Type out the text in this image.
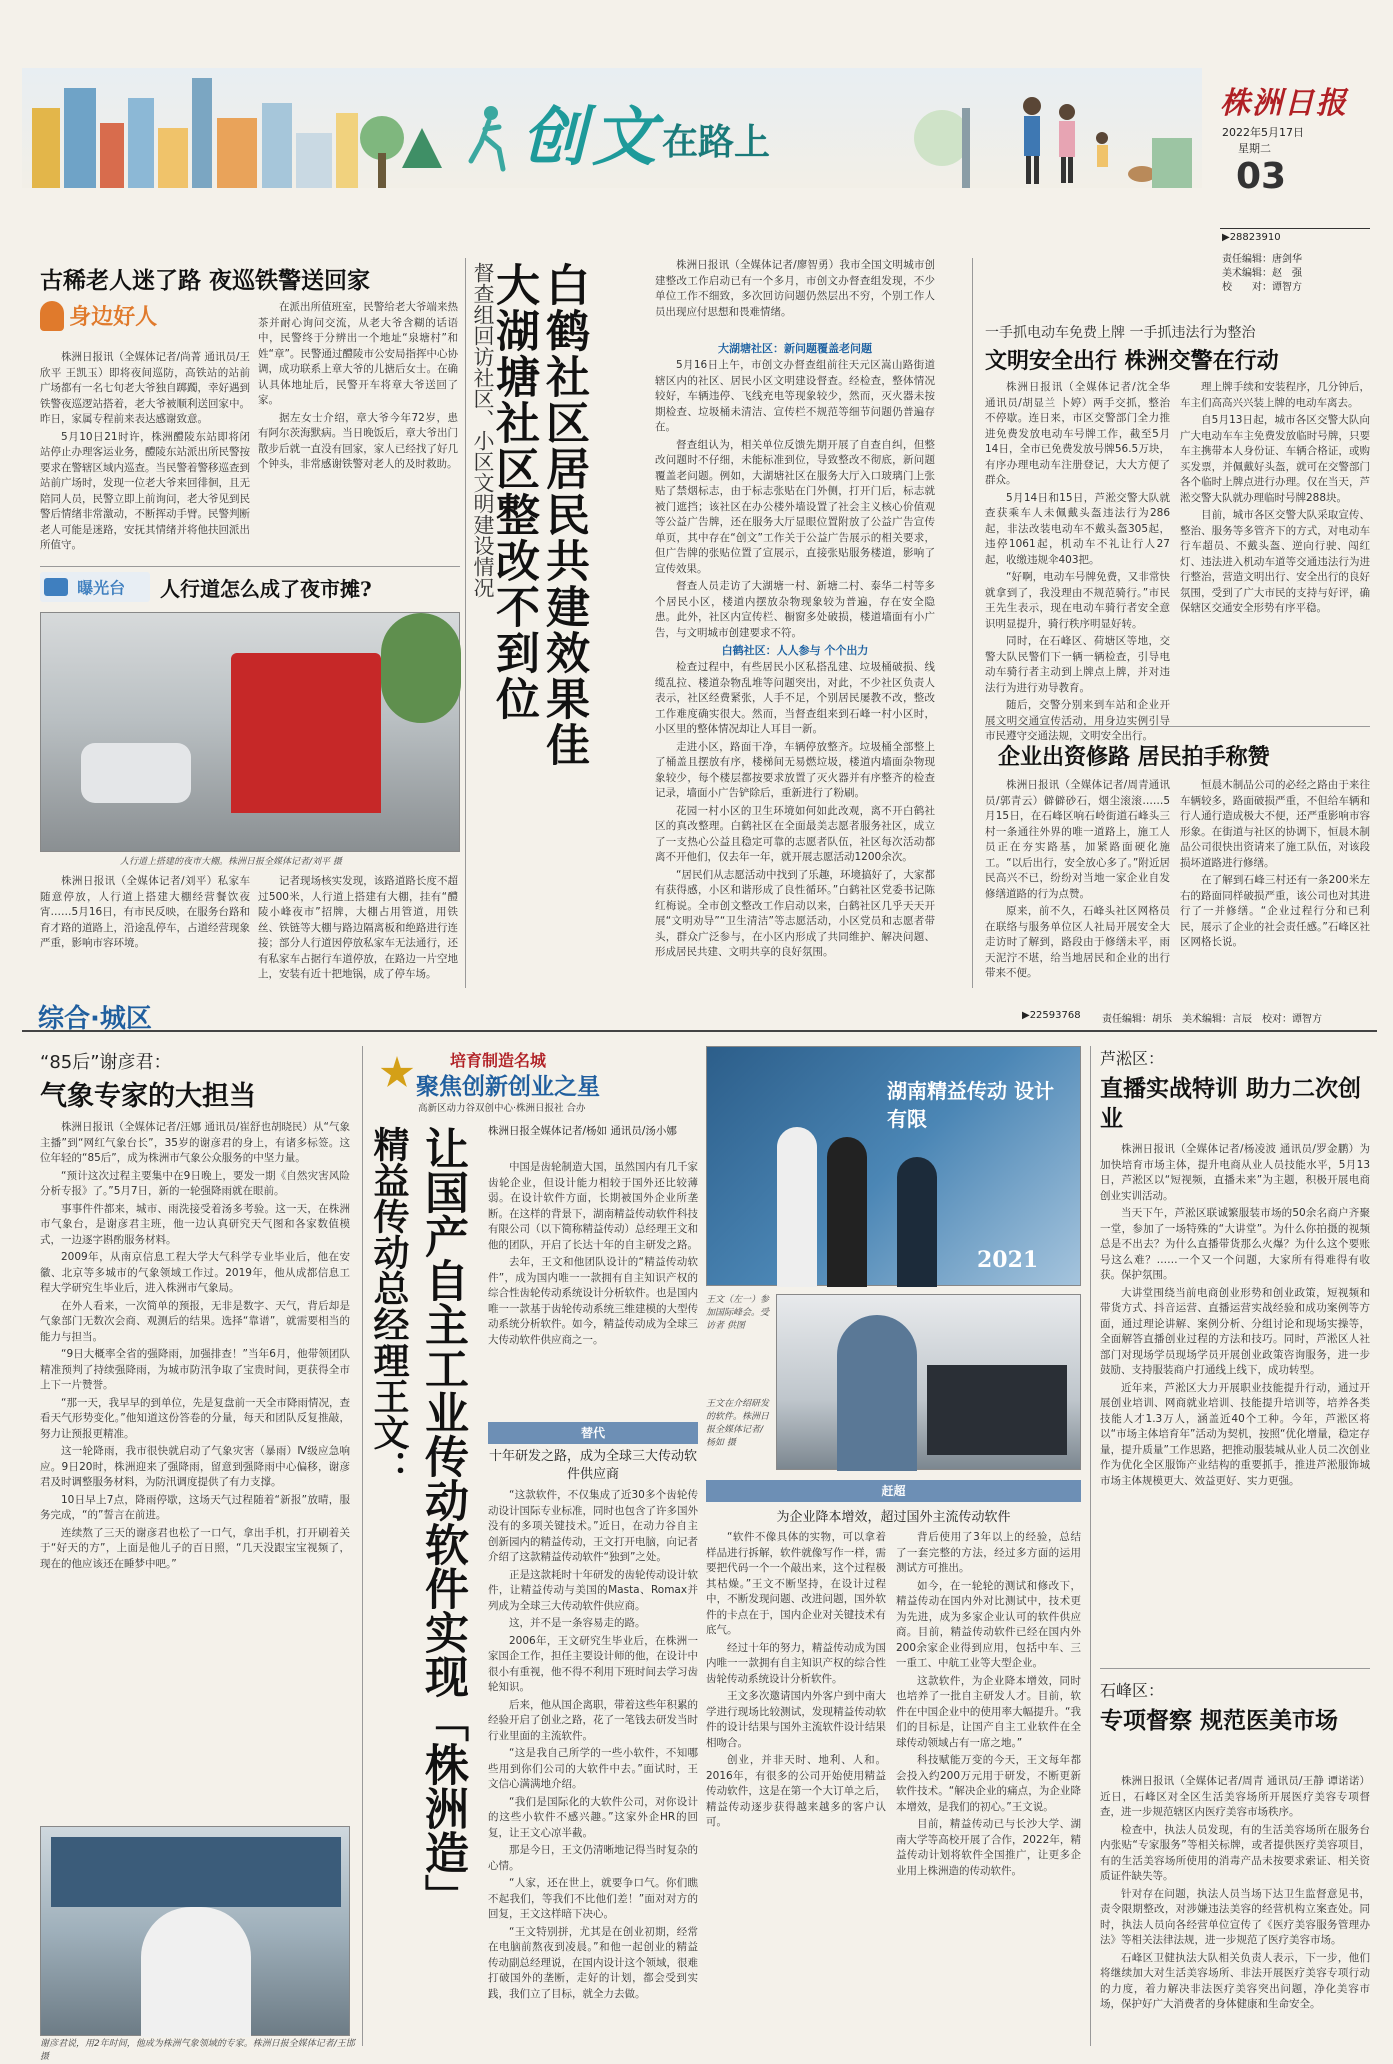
创文 在路上
株洲日报
2022年5月17日
星期二
03
▶28823910
责任编辑：唐剑华
美术编辑：赵　强
校　　对：谭智方
古稀老人迷了路 夜巡铁警送回家
身边好人

株洲日报讯（全媒体记者/尚菁 通讯员/王欣平 王凯玉）即将夜间巡防，高铁站的站前广场都有一名七旬老大爷独自踯躅，幸好遇到铁警夜巡逻站搭着，老大爷被顺利送回家中。昨日，家属专程前来表达感谢致意。

5月10日21时许，株洲醴陵东站即将闭站停止办理客运业务，醴陵东站派出所民警按要求在警辖区域内巡查。当民警着警移巡查到站前广场时，发现一位老大爷来回徘徊，且无陪同人员，民警立即上前询问，老大爷见到民警后情绪非常激动，不断挥动手臂。民警判断老人可能是迷路，安抚其情绪并将他扶回派出所值守。

在派出所值班室，民警给老大爷端来热茶并耐心询问交流，从老大爷含糊的话语中，民警终于分辨出一个地址“泉塘村”和姓“章”。民警通过醴陵市公安局指挥中心协调，成功联系上章大爷的儿搪后女士。在确认具体地址后，民警开车将章大爷送回了家。

据左女士介绍，章大爷今年72岁，患有阿尔茨海默病。当日晚饭后，章大爷出门散步后就一直没有回家，家人已经找了好几个钟头，非常感谢铁警对老人的及时救助。

曝光台	人行道怎么成了夜市摊?
人行道上搭建的夜市大棚。株洲日报全媒体记者/刘平 摄

株洲日报讯（全媒体记者/刘平）私家车随意停放，人行道上搭建大棚经营餐饮夜宵……5月16日，有市民反映，在服务台路和育才路的道路上，沿途乱停车，占道经营现象严重，影响市容环境。

记者现场核实发现，该路道路长度不超过500米，人行道上搭建有大棚，挂有“醴陵小峰夜市”招牌，大棚占用管道，用铁丝、铁链等大棚与路边隔离板和绝路进行连接；部分人行道因停放私家车无法通行，还有私家车占据行车道停放，在路边一片空地上，安装有近十把地锅，成了停车场。

白鹤社区居民共建效果佳
大湖塘社区整改不到位
督查组回访社区、小区文明建设情况	株洲日报讯（全媒体记者/廖智勇）我市全国文明城市创建整改工作启动已有一个多月，市创文办督查组发现，不少单位工作不细致，多次回访问题仍然层出不穷，个别工作人员出现应付思想和畏难情绪。
大湖塘社区：新问题覆盖老问题

5月16日上午，市创文办督查组前往天元区嵩山路街道辖区内的社区、居民小区文明建设督查。经检查，整体情况较好，车辆违停、飞线充电等现象较少，然而，灭火器未按期检查、垃圾桶未清洁、宣传栏不规范等细节问题仍普遍存在。

督查组认为，相关单位反馈先期开展了自查自纠，但整改问题时不仔细，未能标准到位，导致整改不彻底，新问题覆盖老问题。例如，大湖塘社区在服务大厅入口玻璃门上张贴了禁烟标志，由于标志张贴在门外侧，打开门后，标志就被门遮挡；该社区在办公楼外墙设置了社会主义核心价值观等公益广告牌，还在服务大厅显眼位置附放了公益广告宣传单页，其中存在“创文”工作关于公益广告展示的相关要求，但广告牌的张贴位置了宣展示，直接张贴服务楼道，影响了宣传效果。

督查人员走访了大湖塘一村、新塘二村、泰华二村等多个居民小区，楼道内摆放杂物现象较为普遍，存在安全隐患。此外，社区内宣传栏、橱窗多处破损，楼道墙面有小广告，与文明城市创建要求不符。

白鹤社区：人人参与 个个出力

检查过程中，有些居民小区私搭乱建、垃圾桶破损、线缆乱拉、楼道杂物乱堆等问题突出，对此，不少社区负责人表示，社区经费紧张，人手不足，个别居民屡教不改，整改工作难度确实很大。然而，当督查组来到石峰一村小区时，小区里的整体情况却让人耳目一新。

走进小区，路面干净，车辆停放整齐。垃圾桶全部整上了桶盖且摆放有序，楼梯间无易燃垃圾，楼道内墙面杂物现象较少，每个楼层都按要求放置了灭火器并有序整齐的检查记录，墙面小广告铲除后，重新进行了粉刷。

花园一村小区的卫生环境如何如此改观，离不开白鹤社区的真改整理。白鹤社区在全面最美志愿者服务社区，成立了一支热心公益且稳定可靠的志愿者队伍，社区每次活动都离不开他们，仅去年一年，就开展志愿活动1200余次。

“居民们从志愿活动中找到了乐趣，环境搞好了，大家都有获得感，小区和谐形成了良性循环。”白鹤社区党委书记陈红梅说。全市创文整改工作启动以来，白鹤社区几乎天天开展“文明劝导”“卫生清洁”等志愿活动，小区党员和志愿者带头，群众广泛参与，在小区内形成了共同维护、解决问题、形成居民共建、文明共享的良好氛围。

一手抓电动车免费上牌 一手抓违法行为整治
文明安全出行 株洲交警在行动

株洲日报讯（全媒体记者/沈全华 通讯员/胡显兰 卜婷）两手交抓，整治不停歇。连日来，市区交警部门全力推进免费发放电动车号牌工作，截至5月14日，全市已免费发放号牌56.5万块，有序办理电动车注册登记，大大方便了群众。

5月14日和15日，芦淞交警大队就查获乘车人未佩戴头盔违法行为286起，非法改装电动车不戴头盔305起，违停1061起，机动车不礼让行人27起，收缴违规伞403把。

“好啊，电动车号牌免费，又非常快就拿到了，我没理由不规范骑行。”市民王先生表示，现在电动车骑行者安全意识明显提升，骑行秩序明显好转。

同时，在石峰区、荷塘区等地，交警大队民警们下一辆一辆检查，引导电动车骑行者主动到上牌点上牌，并对违法行为进行劝导教育。

随后，交警分别来到车站和企业开展文明交通宣传活动，用身边实例引导市民遵守交通法规，文明安全出行。

理上牌手续和安装程序，几分钟后，车主们高高兴兴装上牌的电动车离去。

自5月13日起，城市各区交警大队向广大电动车车主免费发放临时号牌，只要车主携带本人身份证、车辆合格证，或购买发票，并佩戴好头盔，就可在交警部门各个临时上牌点进行办理。仅在当天，芦淞交警大队就办理临时号牌288块。

目前，城市各区交警大队采取宣传、整治、服务等多管齐下的方式，对电动车行车超员、不戴头盔、逆向行驶、闯红灯、违法进入机动车道等交通违法行为进行整治，营造文明出行、安全出行的良好氛围，受到了广大市民的支持与好评，确保辖区交通安全形势有序平稳。

企业出资修路 居民拍手称赞

株洲日报讯（全媒体记者/周青通讯员/郭青云）僻僻砂石，烟尘滚滚……5月15日，在石峰区响石岭街道石峰头三村一条通往外界的唯一道路上，施工人员正在夯实路基，加紧路面硬化施工。“以后出行，安全放心多了。”附近居民高兴不已，纷纷对当地一家企业自发修缮道路的行为点赞。

原来，前不久，石峰头社区网格员在联络与服务单位区人社局开展安全大走访时了解到，路段由于修缮未平，雨天泥泞不堪，给当地居民和企业的出行带来不便。

恒晨木制品公司的必经之路由于来往车辆较多，路面破损严重，不但给车辆和行人通行造成极大不便，还严重影响市容形象。在街道与社区的协调下，恒晨木制品公司很快出资请来了施工队伍，对该段损坏道路进行修缮。

在了解到石峰三村还有一条200米左右的路面同样破损严重，该公司也对其进行了一并修缮。“企业过程行分和已利民，展示了企业的社会责任感。”石峰区社区网格长说。

综合·城区	▶22593768 责任编辑：胡乐　美术编辑：言辰　校对：谭智方
“85后”谢彦君：
气象专家的大担当

株洲日报讯（全媒体记者/汪娜 通讯员/崔舒也胡晓民）从“气象主播”到“网红气象台长”，35岁的谢彦君的身上，有诸多标签。这位年轻的“85后”，成为株洲市气象公众服务的中坚力量。

“预计这次过程主要集中在9日晚上，要发一期《自然灾害风险分析专报》了。”5月7日，新的一轮强降雨就在眼前。

事事件件都来，城市、雨洗接受着汤多考验。这一天，在株洲市气象台，是谢彦君主班，他一边认真研究天气图和各家数值模式，一边逐字斟酌服务材料。

2009年，从南京信息工程大学大气科学专业毕业后，他在安徽、北京等多城市的气象领域工作过。2019年，他从成都信息工程大学研究生毕业后，进入株洲市气象局。

在外人看来，一次简单的预报，无非是数字、天气，背后却是气象部门无数次会商、观测后的结果。选择“靠谱”，就需要相当的能力与担当。

“9日大概率全省的强降雨，加强排查！”当年6月，他带领团队精准预判了持续强降雨，为城市防汛争取了宝贵时间，更获得全市上下一片赞誉。

“那一天，我早早的到单位，先是复盘前一天全市降雨情况，查看天气形势变化。”他知道这份答卷的分量，每天和团队反复推敲，努力让预报更精准。

这一轮降雨，我市很快就启动了气象灾害（暴雨）Ⅳ级应急响应。9日20时，株洲迎来了强降雨，留意到强降雨中心偏移，谢彦君及时调整服务材料，为防汛调度提供了有力支撑。

10日早上7点，降雨停歇，这场天气过程随着“新报”放晴，服务完成，“的”誓言在前进。

连续熬了三天的谢彦君也松了一口气，拿出手机，打开刷着关于“好天的方”，上面是他儿子的百日照，“几天没跟宝宝视频了，现在的他应该还在睡梦中吧。”

谢彦君说，用2年时间，他成为株洲气象领域的专家。株洲日报全媒体记者/王邯 摄
培育制造名城
聚焦创新创业之星
高新区动力谷双创中心·株洲日报社 合办
让国产自主工业传动软件实现「株洲造」
精益传动总经理王文：	株洲日报全媒体记者/杨如 通讯员/汤小娜

中国是齿轮制造大国，虽然国内有几千家齿轮企业，但设计能力相较于国外还比较薄弱。在设计软件方面，长期被国外企业所垄断。在这样的背景下，湖南精益传动软件科技有限公司（以下简称精益传动）总经理王文和他的团队，开启了长达十年的自主研发之路。

去年，王文和他团队设计的“精益传动软件”，成为国内唯一一款拥有自主知识产权的综合性齿轮传动系统设计分析软件。也是国内唯一一款基于齿轮传动系统三维建模的大型传动系统分析软件。如今，精益传动成为全球三大传动软件供应商之一。

替代
十年研发之路，成为全球三大传动软件供应商

“这款软件，不仅集成了近30多个齿轮传动设计国际专业标准，同时也包含了许多国外没有的多项关键技术。”近日，在动力谷自主创新园内的精益传动，王文打开电脑，向记者介绍了这款精益传动软件“独到”之处。

正是这款耗时十年研发的齿轮传动设计软件，让精益传动与美国的Masta、Romax并列成为全球三大传动软件供应商。

这，并不是一条容易走的路。

2006年，王文研究生毕业后，在株洲一家国企工作，担任主要设计师的他，在设计中很小有重视，他不得不利用下班时间去学习齿轮知识。

后来，他从国企离职，带着这些年积累的经验开启了创业之路，花了一笔钱去研发当时行业里面的主流软件。

“这是我自己所学的一些小软件，不知哪些用到你们公司的大软件中去。”面试时，王文信心满满地介绍。

“我们是国际化的大软件公司，对你设计的这些小软件不感兴趣。”这家外企HR的回复，让王文心凉半截。

那是今日，王文仍清晰地记得当时复杂的心情。

“人家，还在世上，就要争口气。你们瞧不起我们，等我们不比他们差！”面对对方的回复，王文这样暗下决心。

“王文特别拼，尤其是在创业初期，经常在电脑前熬夜到凌晨。”和他一起创业的精益传动副总经理说，在国内设计这个领域，很难打破国外的垄断，走好的计划，都会受到实践，我们立了目标，就全力去做。

湖南精益传动 设计有限
2021
王文（左一）参加国际峰会。受访者 供图
王文在介绍研发的软件。株洲日报全媒体记者/杨如 摄
赶超
为企业降本增效，超过国外主流传动软件

“软件不像具体的实物，可以拿着样品进行拆解，软件就像写作一样，需要把代码一个一个敲出来，这个过程极其枯燥。”王文不断坚持，在设计过程中，不断发现问题、改进问题，国外软件的卡点在于，国内企业对关键技术有底气。

经过十年的努力，精益传动成为国内唯一一款拥有自主知识产权的综合性齿轮传动系统设计分析软件。

王文多次邀请国内外客户到中南大学进行现场比较测试，发现精益传动软件的设计结果与国外主流软件设计结果相吻合。

创业，并非天时、地利、人和。2016年，有很多的公司开始使用精益传动软件，这是在第一个大订单之后，精益传动逐步获得越来越多的客户认可。

背后使用了3年以上的经验，总结了一套完整的方法，经过多方面的运用测试方可推出。

如今，在一轮轮的测试和修改下，精益传动在国内外对比测试中，技术更为先进，成为多家企业认可的软件供应商。目前，精益传动软件已经在国内外200余家企业得到应用，包括中车、三一重工、中航工业等大型企业。

这款软件，为企业降本增效，同时也培养了一批自主研发人才。目前，软件在中国企业中的使用率大幅提升。“我们的目标是，让国产自主工业软件在全球传动领域占有一席之地。”

科技赋能万变的今天，王文每年都会投入约200万元用于研发，不断更新软件技术。“解决企业的痛点，为企业降本增效，是我们的初心。”王文说。

目前，精益传动已与长沙大学、湖南大学等高校开展了合作，2022年，精益传动计划将软件全国推广，让更多企业用上株洲造的传动软件。

芦淞区：
直播实战特训 助力二次创业

株洲日报讯（全媒体记者/杨凌波 通讯员/罗金鹏）为加快培育市场主体，提升电商从业人员技能水平，5月13日，芦淞区以“短视频，直播未来”为主题，积极开展电商创业实训活动。

当天下午，芦淞区联诚繁服装市场的50余名商户齐聚一堂，参加了一场特殊的“大讲堂”。为什么你拍摄的视频总是不出去？为什么直播带货那么火爆？为什么这个要账号这么难？……一个又一个问题，大家所有得难得有收获。保护氛围。

大讲堂围绕当前电商创业形势和创业政策，短视频和带货方式、抖音运营、直播运营实战经验和成功案例等方面，通过理论讲解、案例分析、分组讨论和现场实操等，全面解答直播创业过程的方法和技巧。同时，芦淞区人社部门对现场学员现场学员开展创业政策咨询服务，进一步鼓励、支持服装商户打通线上线下，成功转型。

近年来，芦淞区大力开展职业技能提升行动，通过开展创业培训、网商就业培训、技能提升培训等，培养各类技能人才1.3万人，涵盖近40个工种。今年，芦淞区将以“市场主体培育年”活动为契机，按照“优化增量，稳定存量，提升质量”工作思路，把推动服装城从业人员二次创业作为优化全区服饰产业结构的重要抓手，推进芦淞服饰城市场主体规模更大、效益更好、实力更强。

石峰区：
专项督察 规范医美市场

株洲日报讯（全媒体记者/周青 通讯员/王静 谭诺诺）近日，石峰区对全区生活美容场所开展医疗美容专项督查，进一步规范辖区内医疗美容市场秩序。

检查中，执法人员发现，有的生活美容场所在服务台内张贴“专家服务”等相关标牌，或者提供医疗美容项目，有的生活美容场所使用的消毒产品未按要求索证、相关资质证件缺失等。

针对存在问题，执法人员当场下达卫生监督意见书，责令限期整改，对涉嫌违法美容的经营机构立案查处。同时，执法人员向各经营单位宣传了《医疗美容服务管理办法》等相关法律法规，进一步规范了医疗美容市场。

石峰区卫健执法大队相关负责人表示，下一步，他们将继续加大对生活美容场所、非法开展医疗美容专项行动的力度，着力解决非法医疗美容突出问题，净化美容市场，保护好广大消费者的身体健康和生命安全。
